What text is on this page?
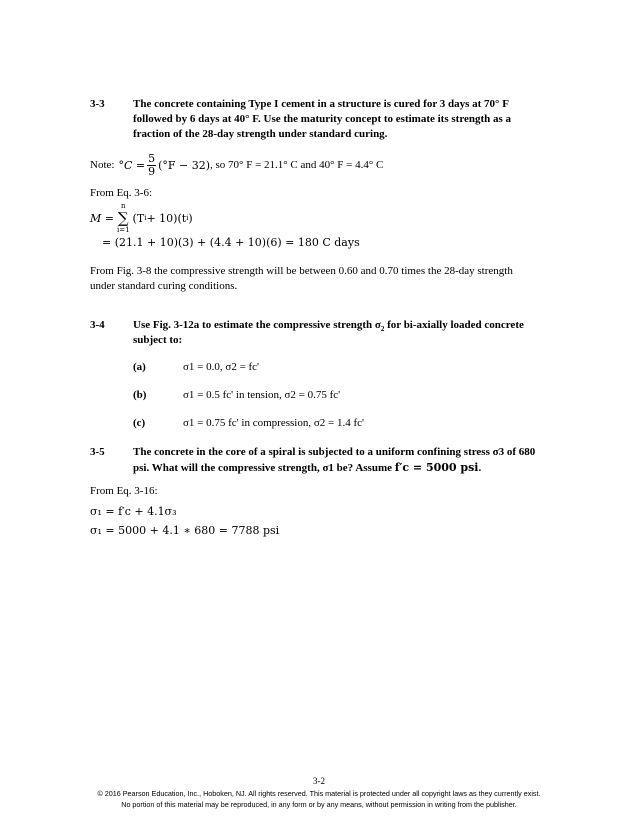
3-3	The concrete containing Type I cement in a structure is cured for 3 days at 70° F
followed by 6 days at 40° F. Use the maturity concept to estimate its strength as a
fraction of the 28-day strength under standard curing.
Note: $^\circ C = \frac{5}{9} (^\circ F - 32)$ , so 70° F = 21.1° C and 40° F = 4.4° C
From Eq. 3-6:
M =
n
∑
i=1
(T i + 10)(t i )
= (21.1 + 10)(3) + (4.4 + 10)(6) = 180 C days
From Fig. 3-8 the compressive strength will be between 0.60 and 0.70 times the 28-day strength
under standard curing conditions.
3-4	Use Fig. 3-12a to estimate the compressive strength $\sigma_2$ for bi-axially loaded concrete
subject to:
(a)	σ1 = 0.0, σ2 = fc'
(b)	σ1 = 0.5 fc' in tension, σ2 = 0.75 fc'
(c)	σ1 = 0.75 fc' in compression, σ2 = 1.4 fc'
3-5	The concrete in the core of a spiral is subjected to a uniform confining stress σ3 of 680
psi. What will the compressive strength, σ1 be? Assume f′c = 5000 psi.
From Eq. 3-16:
σ₁ = f′c + 4.1σ₃
σ₁ = 5000 + 4.1 ∗ 680 = 7788 psi
3-2
© 2016 Pearson Education, Inc., Hoboken, NJ. All rights reserved. This material is protected under all copyright laws as they currently exist.
No portion of this material may be reproduced, in any form or by any means, without permission in writing from the publisher.
